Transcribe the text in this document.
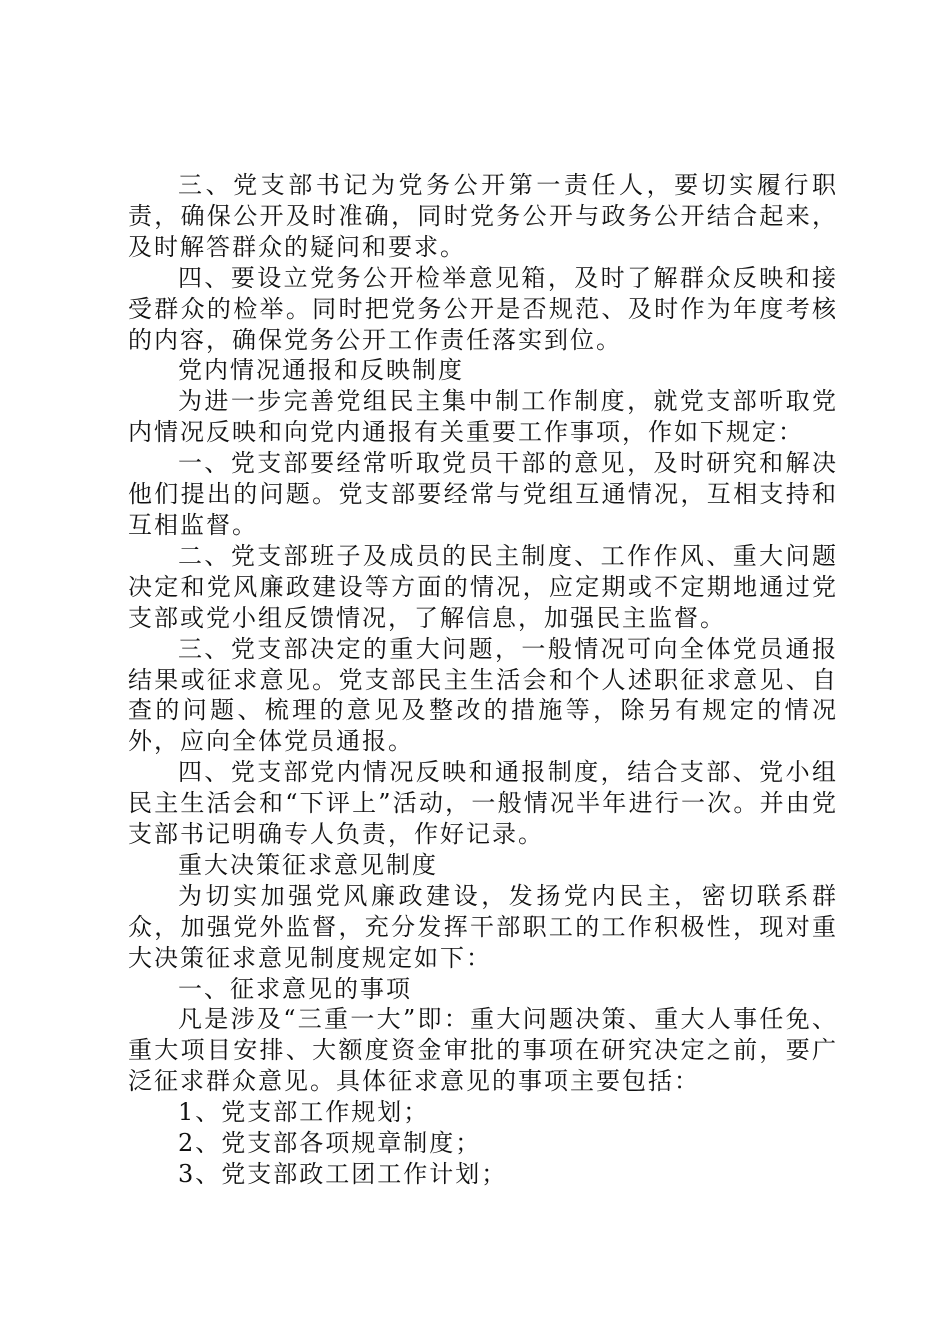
三、党支部书记为党务公开第一责任人，要切实履行职责，确保公开及时准确，同时党务公开与政务公开结合起来，及时解答群众的疑问和要求。

四、要设立党务公开检举意见箱，及时了解群众反映和接受群众的检举。同时把党务公开是否规范、及时作为年度考核的内容，确保党务公开工作责任落实到位。

党内情况通报和反映制度

为进一步完善党组民主集中制工作制度，就党支部听取党内情况反映和向党内通报有关重要工作事项，作如下规定：

一、党支部要经常听取党员干部的意见，及时研究和解决他们提出的问题。党支部要经常与党组互通情况，互相支持和互相监督。

二、党支部班子及成员的民主制度、工作作风、重大问题决定和党风廉政建设等方面的情况，应定期或不定期地通过党支部或党小组反馈情况，了解信息，加强民主监督。

三、党支部决定的重大问题，一般情况可向全体党员通报结果或征求意见。党支部民主生活会和个人述职征求意见、自查的问题、梳理的意见及整改的措施等，除另有规定的情况外，应向全体党员通报。

四、党支部党内情况反映和通报制度，结合支部、党小组民主生活会和“下评上”活动，一般情况半年进行一次。并由党支部书记明确专人负责，作好记录。

重大决策征求意见制度

为切实加强党风廉政建设，发扬党内民主，密切联系群众，加强党外监督，充分发挥干部职工的工作积极性，现对重大决策征求意见制度规定如下：

一、征求意见的事项

凡是涉及“三重一大”即：重大问题决策、重大人事任免、重大项目安排、大额度资金审批的事项在研究决定之前，要广泛征求群众意见。具体征求意见的事项主要包括：

1、党支部工作规划；

2、党支部各项规章制度；

3、党支部政工团工作计划；
